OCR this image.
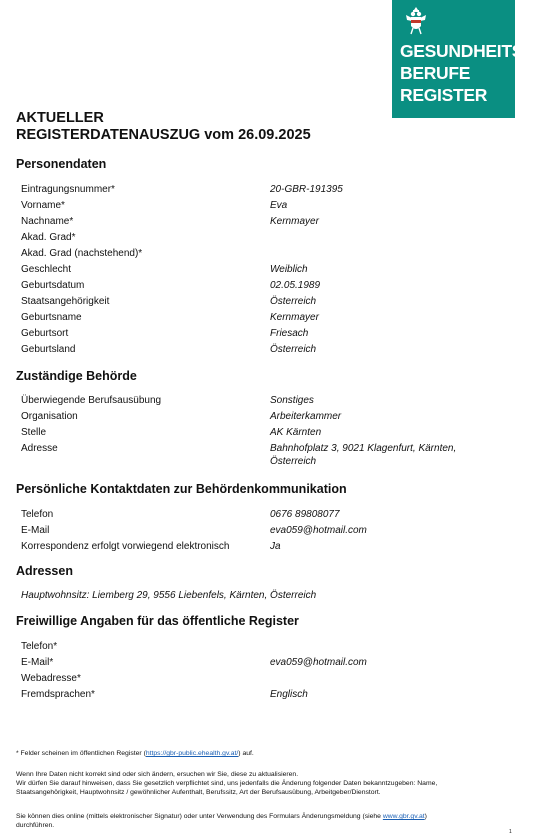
GESUNDHEITS
BERUFE
REGISTER
AKTUELLER
REGISTERDATENAUSZUG vom 26.09.2025
Personendaten
Eintragungsnummer*	20-GBR-191395
Vorname*	Eva
Nachname*	Kernmayer
Akad. Grad*
Akad. Grad (nachstehend)*
Geschlecht	Weiblich
Geburtsdatum	02.05.1989
Staatsangehörigkeit	Österreich
Geburtsname	Kernmayer
Geburtsort	Friesach
Geburtsland	Österreich
Zuständige Behörde
Überwiegende Berufsausübung	Sonstiges
Organisation	Arbeiterkammer
Stelle	AK Kärnten
Adresse	Bahnhofplatz 3, 9021 Klagenfurt, Kärnten,
Österreich
Persönliche Kontaktdaten zur Behördenkommunikation
Telefon	0676 89808077
E-Mail	eva059@hotmail.com
Korrespondenz erfolgt vorwiegend elektronisch	Ja
Adressen
Hauptwohnsitz: Liemberg 29, 9556 Liebenfels, Kärnten, Österreich
Freiwillige Angaben für das öffentliche Register
Telefon*
E-Mail*	eva059@hotmail.com
Webadresse*
Fremdsprachen*	Englisch
* Felder scheinen im öffentlichen Register (https://gbr-public.ehealth.gv.at/) auf.
Wenn Ihre Daten nicht korrekt sind oder sich ändern, ersuchen wir Sie, diese zu aktualisieren.
Wir dürfen Sie darauf hinweisen, dass Sie gesetzlich verpflichtet sind, uns jedenfalls die Änderung folgender Daten bekanntzugeben: Name,
Staatsangehörigkeit, Hauptwohnsitz / gewöhnlicher Aufenthalt, Berufssitz, Art der Berufsausübung, Arbeitgeber/Dienstort.
Sie können dies online (mittels elektronischer Signatur) oder unter Verwendung des Formulars Änderungsmeldung (siehe www.gbr.gv.at)
durchführen.
1
